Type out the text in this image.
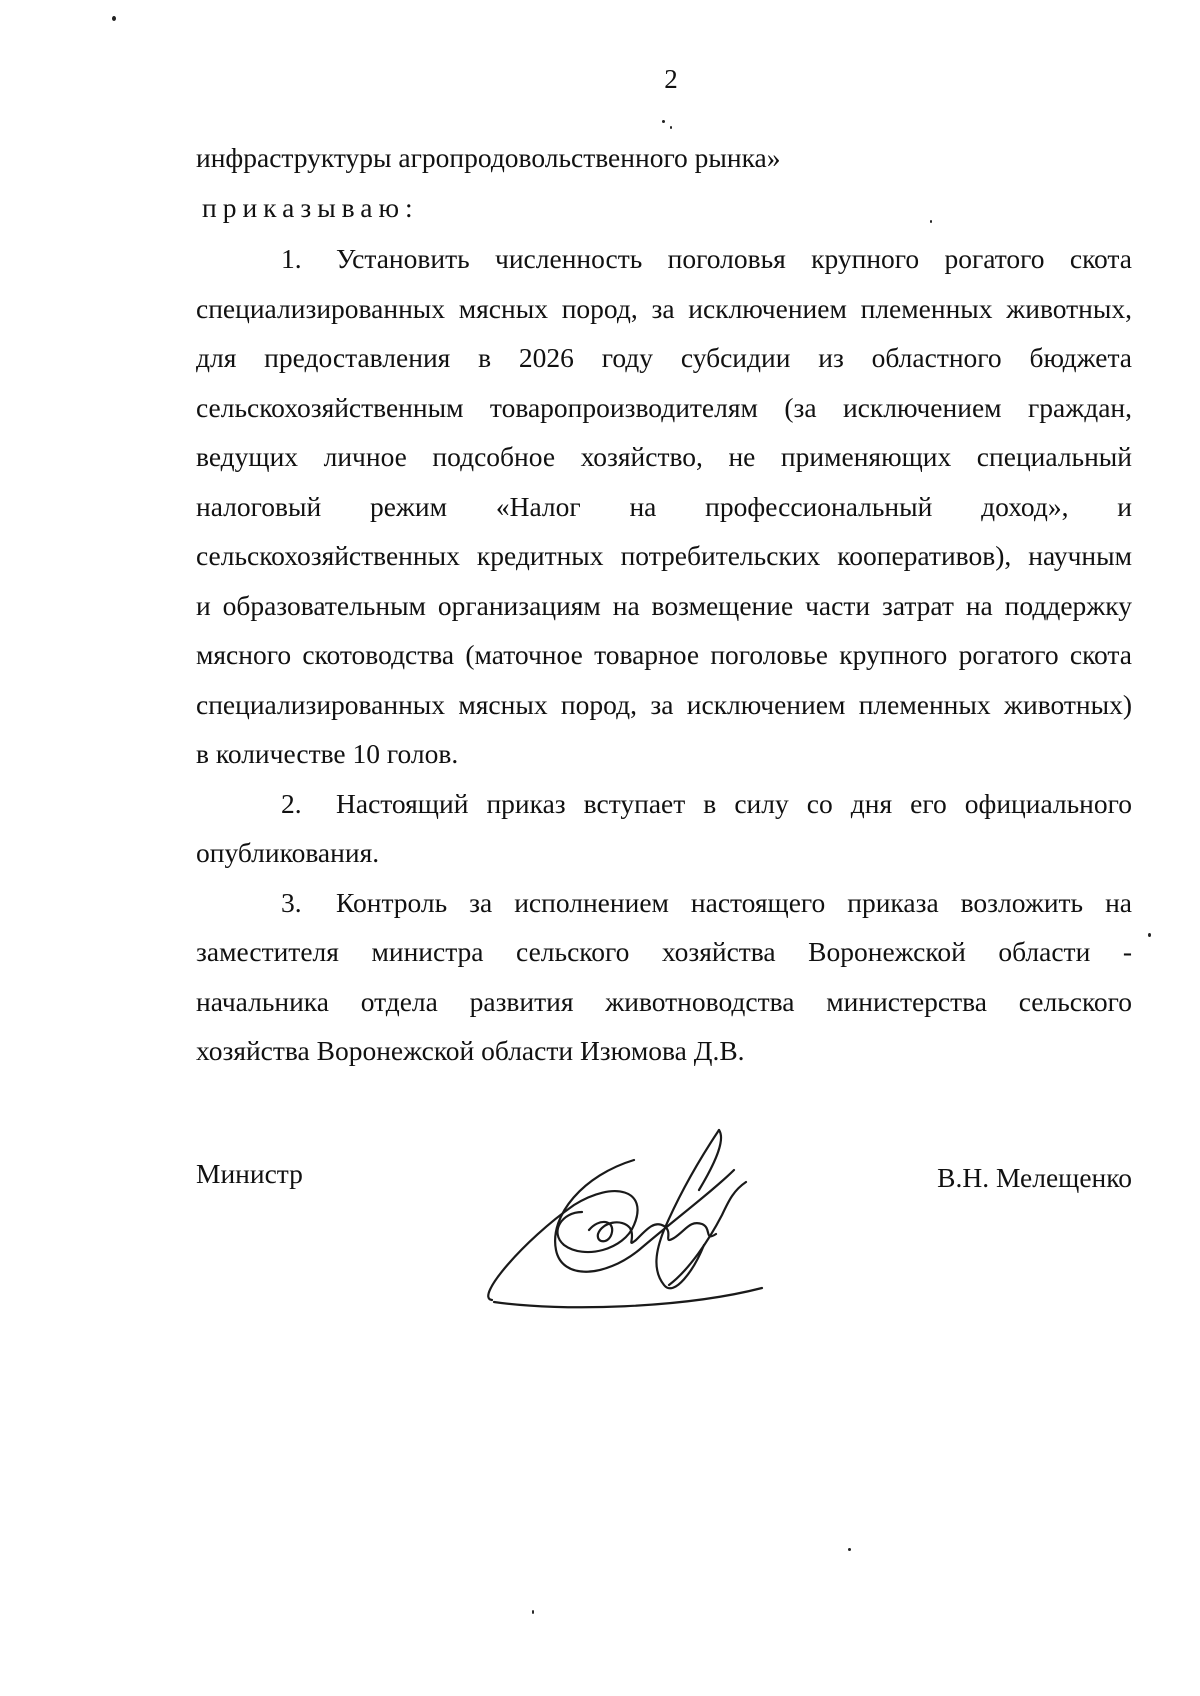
2
инфраструктуры агропродовольственного рынка»
приказываю:
1. Установить численность поголовья крупного рогатого скота
специализированных мясных пород, за исключением племенных животных,
для предоставления в 2026 году субсидии из областного бюджета
сельскохозяйственным товаропроизводителям (за исключением граждан,
ведущих личное подсобное хозяйство, не применяющих специальный
налоговый режим «Налог на профессиональный доход», и
сельскохозяйственных кредитных потребительских кооперативов), научным
и образовательным организациям на возмещение части затрат на поддержку
мясного скотоводства (маточное товарное поголовье крупного рогатого скота
специализированных мясных пород, за исключением племенных животных)
в количестве 10 голов.
2. Настоящий приказ вступает в силу со дня его официального
опубликования.
3. Контроль за исполнением настоящего приказа возложить на
заместителя министра сельского хозяйства Воронежской области -
начальника отдела развития животноводства министерства сельского
хозяйства Воронежской области Изюмова Д.В.
Министр	В.Н. Мелещенко
